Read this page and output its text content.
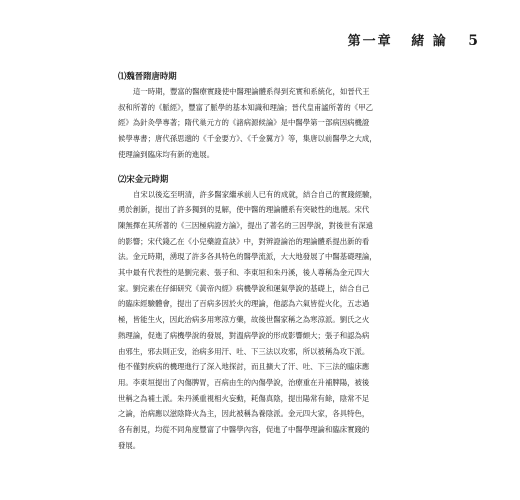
第一章 緒 論 5
⑴魏晉隋唐時期
這一時期，豐富的醫療實踐使中醫理論體系得到充實和系統化，如晉代王
叔和所著的《脈經》，豐富了脈學的基本知識和理論；晉代皇甫謐所著的《甲乙
經》為針灸學專著；隋代巢元方的《諸病源候論》是中醫學第一部病因病機證
候學專書；唐代孫思邈的《千金要方》、《千金翼方》等，集唐以前醫學之大成，
使理論到臨床均有新的進展。
⑵宋金元時期
自宋以後迄至明清，許多醫家繼承前人已有的成就，結合自己的實踐經驗，
勇於創新，提出了許多獨到的見解，使中醫的理論體系有突破性的進展。宋代
陳無擇在其所著的《三因極病證方論》，提出了著名的三因學說，對後世有深遠
的影響；宋代錢乙在《小兒藥證直訣》中，對辨證論治的理論體系提出新的看
法。金元時期，湧現了許多各具特色的醫學流派，大大地發展了中醫基礎理論，
其中最有代表性的是劉完素、張子和、李東垣和朱丹溪，後人尊稱為金元四大
家。劉完素在仔細研究《黃帝內經》病機學說和運氣學說的基礎上，結合自己
的臨床經驗體會，提出了百病多因於火的理論，他認為六氣皆從火化，五志過
極，皆能生火，因此治病多用寒涼方藥，故後世醫家稱之為寒涼派。劉氏之火
熱理論，促進了病機學說的發展，對溫病學說的形成影響頗大；張子和認為病
由邪生，邪去則正安，治病多用汗、吐、下三法以攻邪，所以被稱為攻下派。
他不僅對疾病的機理進行了深入地探討，而且擴大了汗、吐、下三法的臨床應
用。李東垣提出了內傷脾胃，百病由生的內傷學說，治療重在升補脾陽，被後
世稱之為補土派。朱丹溪重視相火妄動，耗傷真陰，提出陽常有餘，陰常不足
之論，治病應以滋陰降火為主，因此被稱為養陰派。金元四大家，各具特色，
各有創見，均從不同角度豐富了中醫學內容，促進了中醫學理論和臨床實踐的
發展。
